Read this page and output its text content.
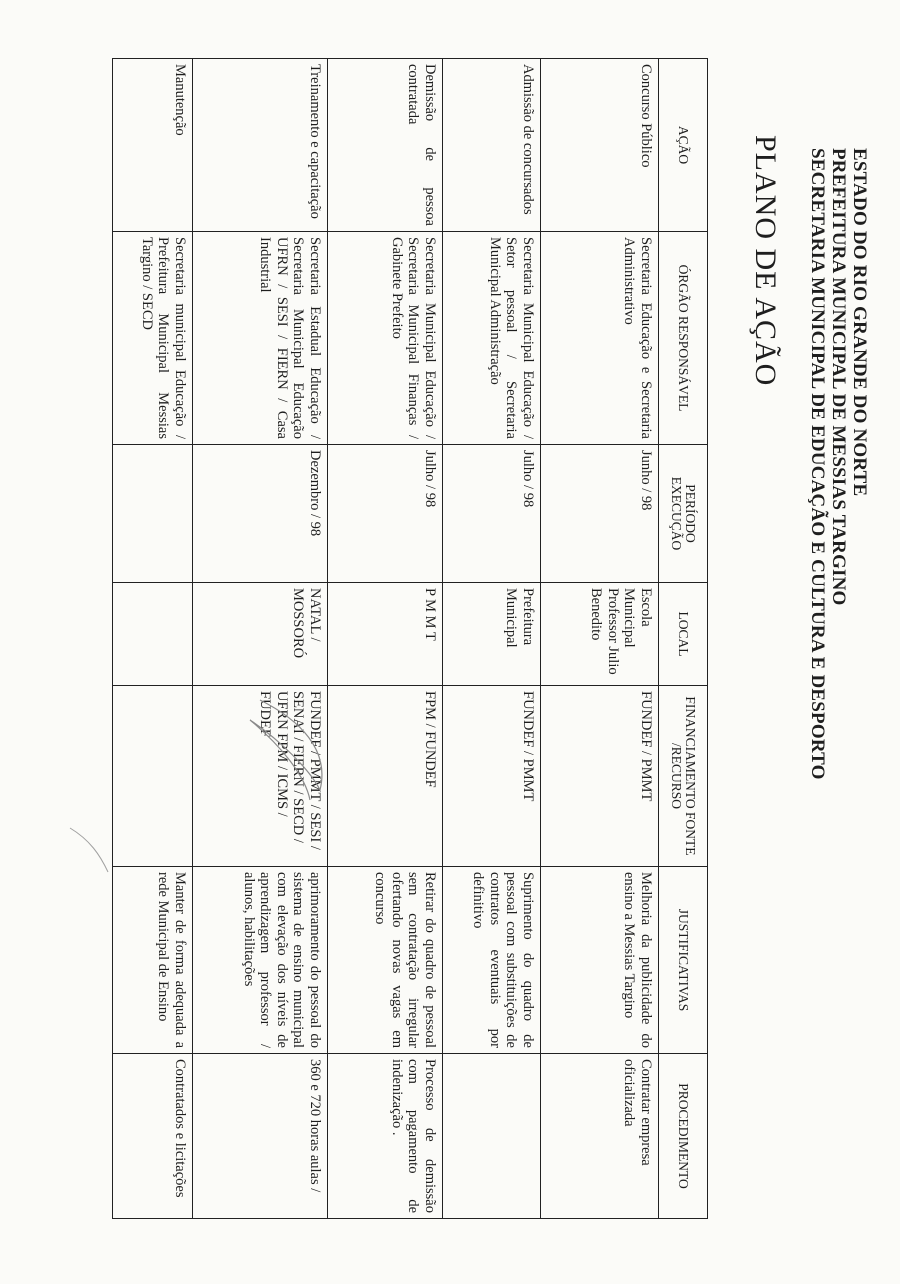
ESTADO DO RIO GRANDE DO NORTE
PREFEITURA MUNICIPAL DE MESSIAS TARGINO
SECRETARIA MUNICIPAL DE EDUCAÇÃO E CULTURA E DESPORTO
PLANO DE AÇÃO
AÇÃO	ÓRGÃO RESPONSÁVEL	PERÍODO EXECUÇÃO	LOCAL	FINANCIAMENTO FONTE /RECURSO	JUSTIFICATIVAS	PROCEDIMENTO
Concurso Público	Secretaria Educação e Secretaria Administrativo	Junho / 98	Escola Municipal Professor Julio Benedito	FUNDEF / PMMT	Melhoria da publicidade do ensino a Messias Targino	Contratar empresa oficializada
Admissão de concursados	Secretaria Municipal Educação / Setor pessoal / Secretaria Municipal Administração	Julho / 98	Prefeitura Municipal	FUNDEF / PMMT	Suprimento do quadro de pessoal com substituições de contratos eventuais por definitivo	
Demissão de pessoa contratada	Secretaria Municipal Educação / Secretaria Municipal Finanças / Gabinete Prefeito	Julho / 98	P M M T	FPM / FUNDEF	Retirar do quadro de pessoal sem contratação irregular ofertando novas vagas em concurso	Processo de demissão com pagamento de indenização .
Treinamento e capacitação	Secretaria Estadual Educação / Secretaria Municipal Educação UFRN / SESI / FIERN / Casa Industrial	Dezembro / 98	NATAL / MOSSORÓ	FUNDEF / PMMT / SESI / SENAI / FIERN / SECD / UFRN FPM / ICMS / FUDEF	aprimoramento do pessoal do sistema de ensino municipal com elevação dos níveis de aprendizagem professor / alunos, habilitações	360 e 720 horas aulas /
Manutenção	Secretaria municipal Educação / Prefeitura Municipal Messias Targino / SECD				Manter de forma adequada a rede Municipal de Ensino	Contratados e licitações
